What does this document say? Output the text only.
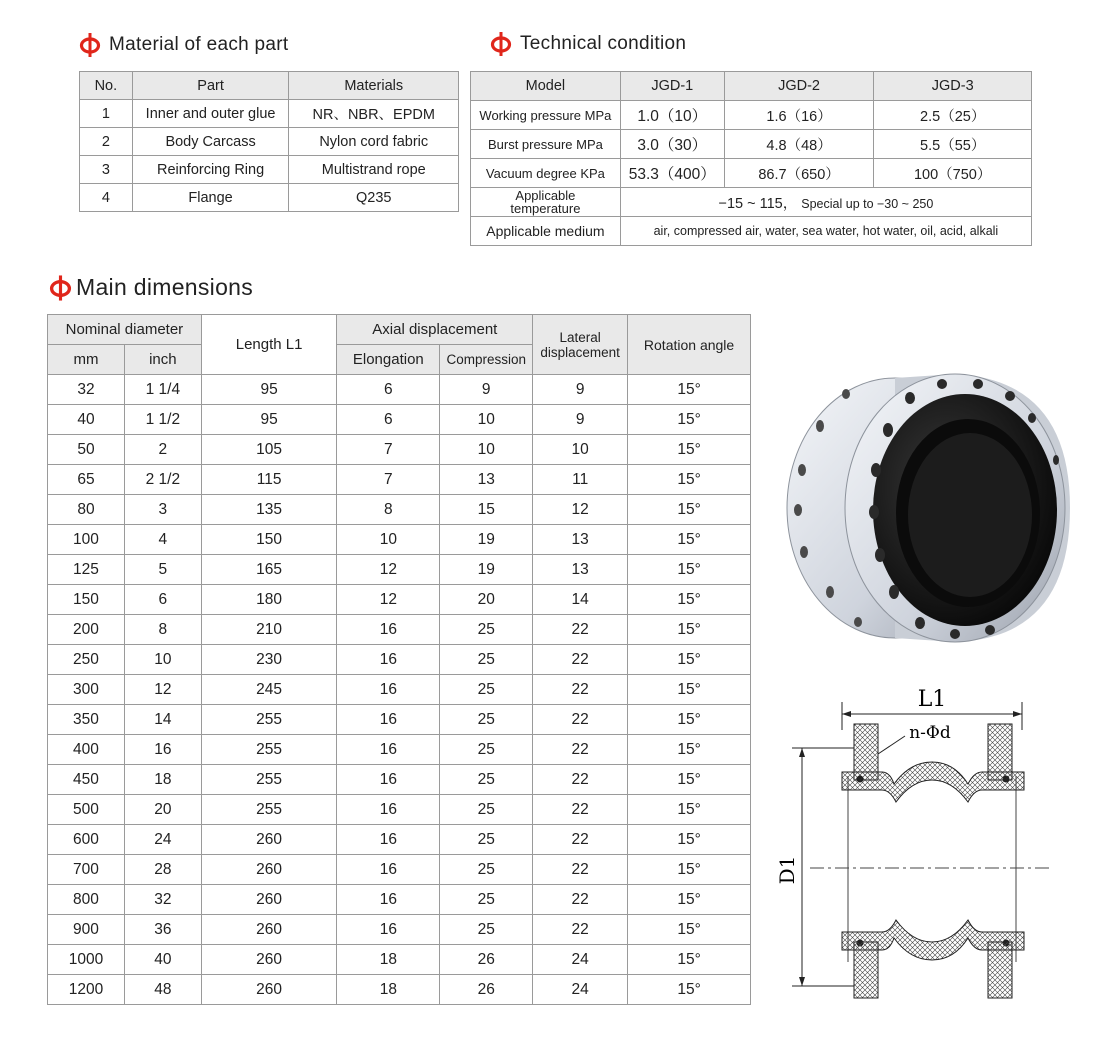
Material of each part	Technical condition
No.	Part	Materials
1	Inner and outer glue	NR、NBR、EPDM
2	Body Carcass	Nylon cord fabric
3	Reinforcing Ring	Multistrand rope
4	Flange	Q235
Model	JGD-1	JGD-2	JGD-3
Working pressure MPa	1.0（10）	1.6（16）	2.5（25）
Burst pressure MPa	3.0（30）	4.8（48）	5.5（55）
Vacuum degree KPa	53.3（400）	86.7（650）	100（750）
Applicable
temperature	−15 ~ 115， Special up to −30 ~ 250		
Applicable medium	air, compressed air, water, sea water, hot water, oil, acid, alkali		
Main dimensions
Nominal diameter		Length L1	Axial displacement		Lateral
displacement	Rotation angle
mm	inch		Elongation	Compression		
32	1 1/4	95	6	9	9	15°
40	1 1/2	95	6	10	9	15°
50	2	105	7	10	10	15°
65	2 1/2	115	7	13	11	15°
80	3	135	8	15	12	15°
100	4	150	10	19	13	15°
125	5	165	12	19	13	15°
150	6	180	12	20	14	15°
200	8	210	16	25	22	15°
250	10	230	16	25	22	15°
300	12	245	16	25	22	15°
350	14	255	16	25	22	15°
400	16	255	16	25	22	15°
450	18	255	16	25	22	15°
500	20	255	16	25	22	15°
600	24	260	16	25	22	15°
700	28	260	16	25	22	15°
800	32	260	16	25	22	15°
900	36	260	16	25	22	15°
1000	40	260	18	26	24	15°
1200	48	260	18	26	24	15°
L1
n-Φd
D1
